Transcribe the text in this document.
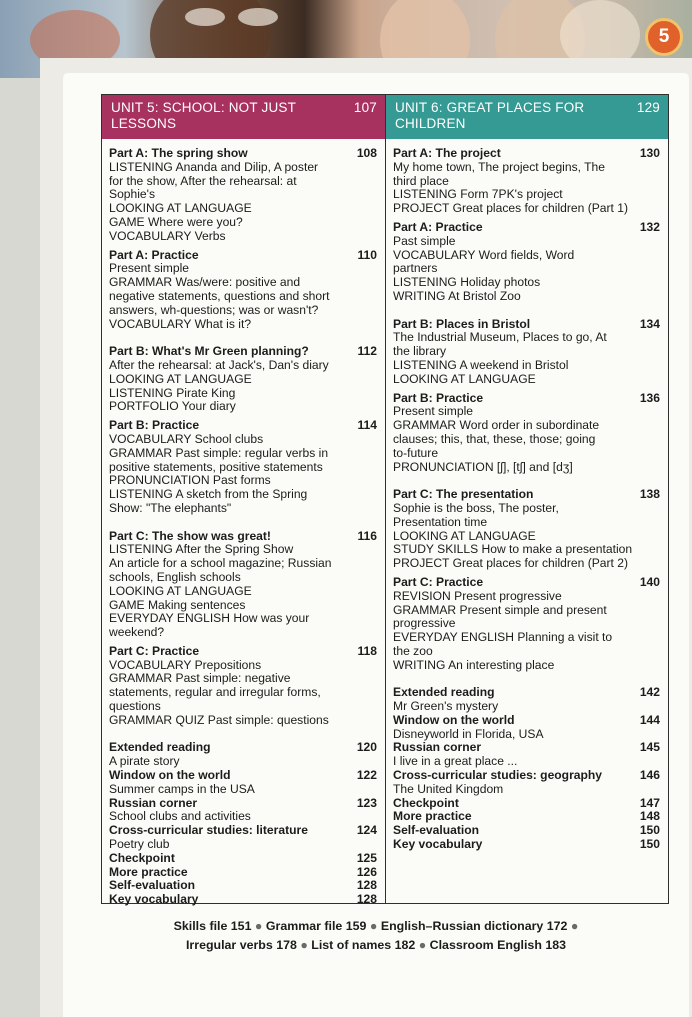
5
UNIT 5: SCHOOL: NOT JUST LESSONS
107
Part A: The spring show	108
LISTENING Ananda and Dilip, A poster
for the show, After the rehearsal: at
Sophie's
LOOKING AT LANGUAGE
GAME Where were you?
VOCABULARY Verbs
Part A: Practice	110
Present simple
GRAMMAR Was/were: positive and
negative statements, questions and short
answers, wh-questions; was or wasn't?
VOCABULARY What is it?
Part B: What's Mr Green planning?	112
After the rehearsal: at Jack's, Dan's diary
LOOKING AT LANGUAGE
LISTENING Pirate King
PORTFOLIO Your diary
Part B: Practice	114
VOCABULARY School clubs
GRAMMAR Past simple: regular verbs in
positive statements, positive statements
PRONUNCIATION Past forms
LISTENING A sketch from the Spring
Show: "The elephants"
Part C: The show was great!	116
LISTENING After the Spring Show
An article for a school magazine; Russian
schools, English schools
LOOKING AT LANGUAGE
GAME Making sentences
EVERYDAY ENGLISH How was your
weekend?
Part C: Practice	118
VOCABULARY Prepositions
GRAMMAR Past simple: negative
statements, regular and irregular forms,
questions
GRAMMAR QUIZ Past simple: questions
Extended reading	120
A pirate story
Window on the world	122
Summer camps in the USA
Russian corner	123
School clubs and activities
Cross-curricular studies: literature	124
Poetry club
Checkpoint	125
More practice	126
Self-evaluation	128
Key vocabulary	128
UNIT 6: GREAT PLACES FOR CHILDREN
129
Part A: The project	130
My home town, The project begins, The
third place
LISTENING Form 7PK's project
PROJECT Great places for children (Part 1)
Part A: Practice	132
Past simple
VOCABULARY Word fields, Word
partners
LISTENING Holiday photos
WRITING At Bristol Zoo
Part B: Places in Bristol	134
The Industrial Museum, Places to go, At
the library
LISTENING A weekend in Bristol
LOOKING AT LANGUAGE
Part B: Practice	136
Present simple
GRAMMAR Word order in subordinate
clauses; this, that, these, those; going
to-future
PRONUNCIATION [ʃ], [tʃ] and [dʒ]
Part C: The presentation	138
Sophie is the boss, The poster,
Presentation time
LOOKING AT LANGUAGE
STUDY SKILLS How to make a presentation
PROJECT Great places for children (Part 2)
Part C: Practice	140
REVISION Present progressive
GRAMMAR Present simple and present
progressive
EVERYDAY ENGLISH Planning a visit to
the zoo
WRITING An interesting place
Extended reading	142
Mr Green's mystery
Window on the world	144
Disneyworld in Florida, USA
Russian corner	145
I live in a great place ...
Cross-curricular studies: geography	146
The United Kingdom
Checkpoint	147
More practice	148
Self-evaluation	150
Key vocabulary	150
Skills file 151 ● Grammar file 159 ● English–Russian dictionary 172 ●
Irregular verbs 178 ● List of names 182 ● Classroom English 183
